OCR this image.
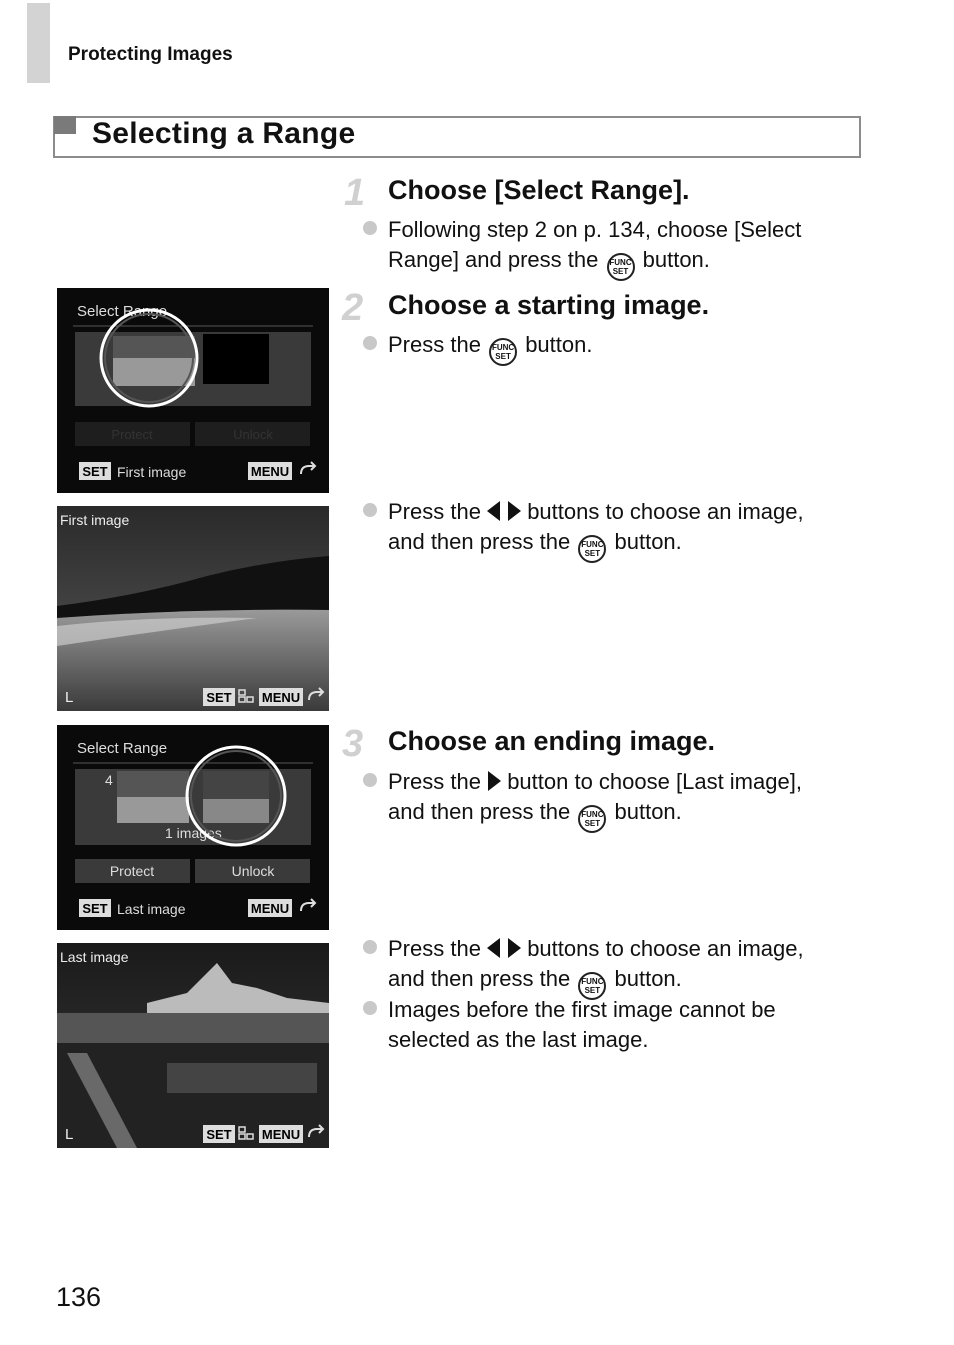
Protecting Images
Selecting a Range
1 Choose [Select Range].
Following step 2 on p. 134, choose [Select
Range] and press the FUNC
SET button.
2 Choose a starting image.
Press the FUNC
SET button.
Press the buttons to choose an image,
and then press the FUNC
SET button.
3 Choose an ending image.
Press the button to choose [Last image],
and then press the FUNC
SET button.
Press the buttons to choose an image,
and then press the FUNC
SET button.
Images before the first image cannot be
selected as the last image.
Select Range
Protect	Unlock
SET First image	MENU
First image
L	SET MENU
Select Range
4
1 images
Protect	Unlock
SET Last image	MENU
Last image
L	SET MENU
136
